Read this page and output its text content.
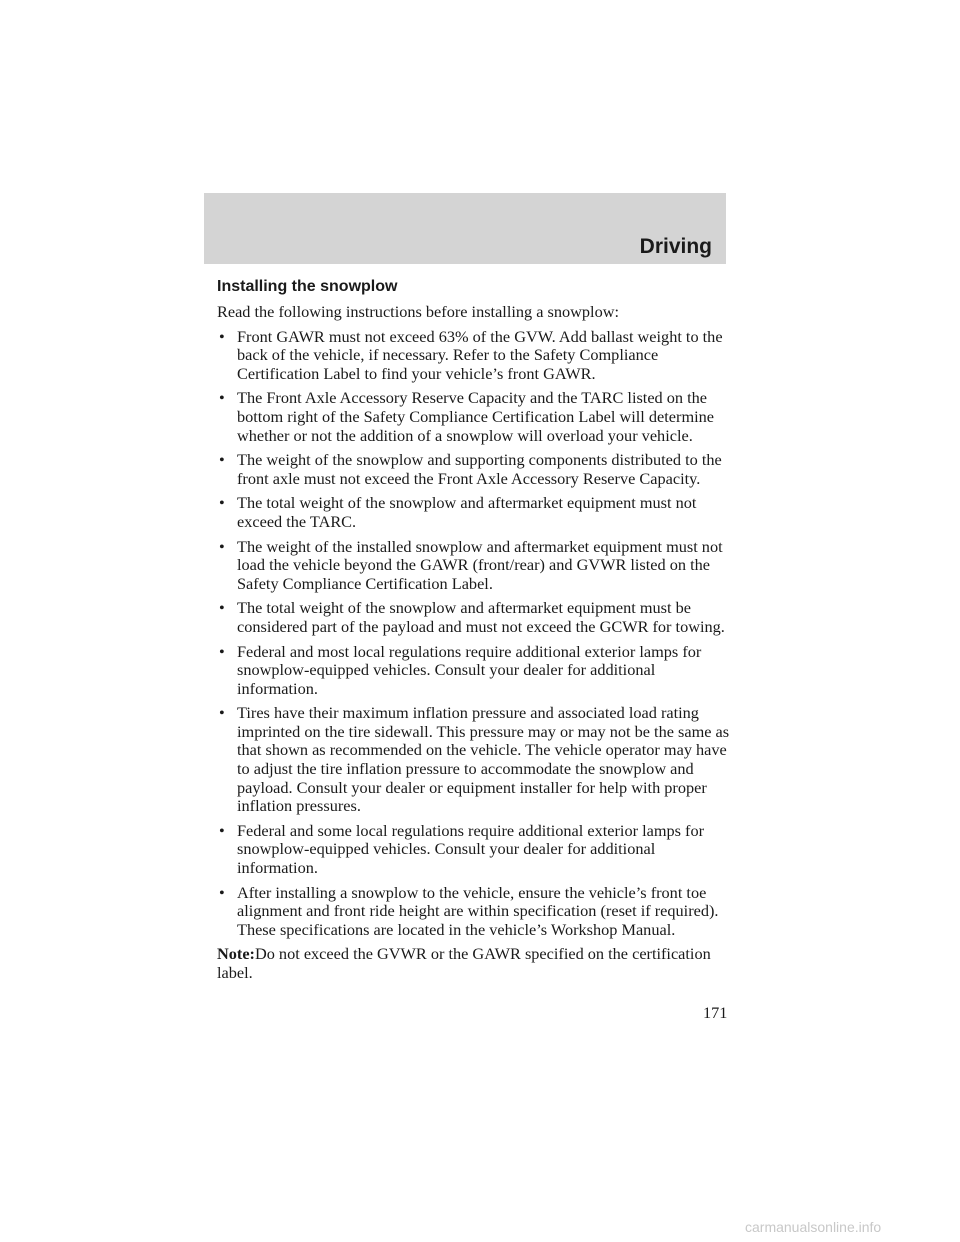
Driving
Installing the snowplow
Read the following instructions before installing a snowplow:
• Front GAWR must not exceed 63% of the GVW. Add ballast weight to the back of the vehicle, if necessary. Refer to the Safety Compliance Certification Label to find your vehicle’s front GAWR.
• The Front Axle Accessory Reserve Capacity and the TARC listed on the bottom right of the Safety Compliance Certification Label will determine whether or not the addition of a snowplow will overload your vehicle.
• The weight of the snowplow and supporting components distributed to the front axle must not exceed the Front Axle Accessory Reserve Capacity.
• The total weight of the snowplow and aftermarket equipment must not exceed the TARC.
• The weight of the installed snowplow and aftermarket equipment must not load the vehicle beyond the GAWR (front/rear) and GVWR listed on the Safety Compliance Certification Label.
• The total weight of the snowplow and aftermarket equipment must be considered part of the payload and must not exceed the GCWR for towing.
• Federal and most local regulations require additional exterior lamps for snowplow-equipped vehicles. Consult your dealer for additional information.
• Tires have their maximum inflation pressure and associated load rating imprinted on the tire sidewall. This pressure may or may not be the same as that shown as recommended on the vehicle. The vehicle operator may have to adjust the tire inflation pressure to accommodate the snowplow and payload. Consult your dealer or equipment installer for help with proper inflation pressures.
• Federal and some local regulations require additional exterior lamps for snowplow-equipped vehicles. Consult your dealer for additional information.
• After installing a snowplow to the vehicle, ensure the vehicle’s front toe alignment and front ride height are within specification (reset if required). These specifications are located in the vehicle’s Workshop Manual.
Note:Do not exceed the GVWR or the GAWR specified on the certification label.
171
carmanualsonline.info
